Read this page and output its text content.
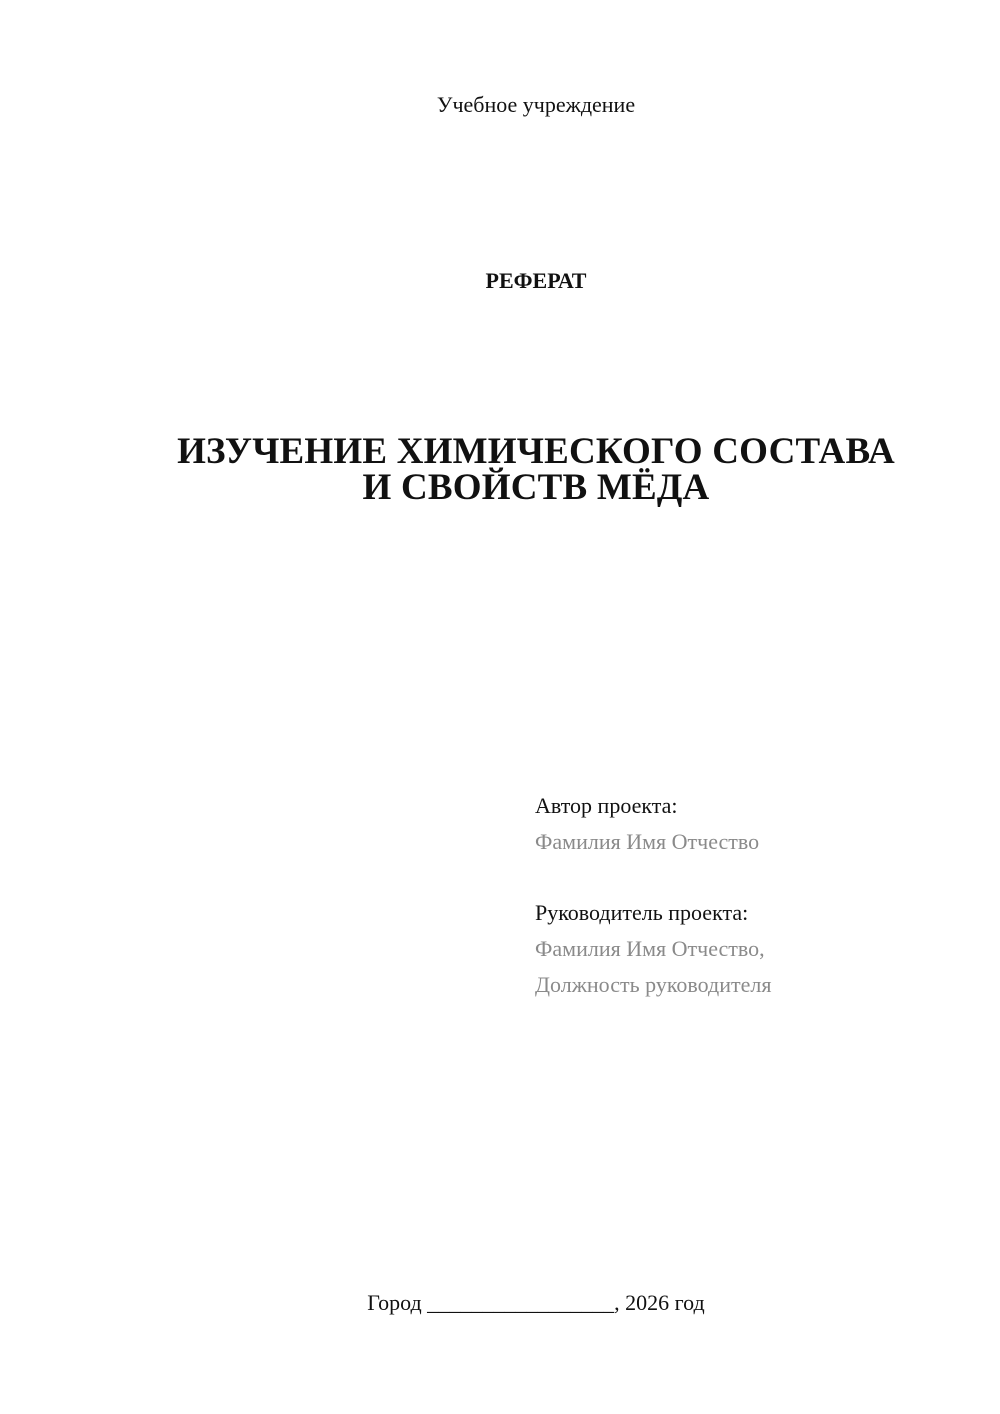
Учебное учреждение
РЕФЕРАТ
ИЗУЧЕНИЕ ХИМИЧЕСКОГО СОСТАВА
И СВОЙСТВ МЁДА
Автор проекта:
Фамилия Имя Отчество
Руководитель проекта:
Фамилия Имя Отчество,
Должность руководителя
Город _________________, 2026 год
